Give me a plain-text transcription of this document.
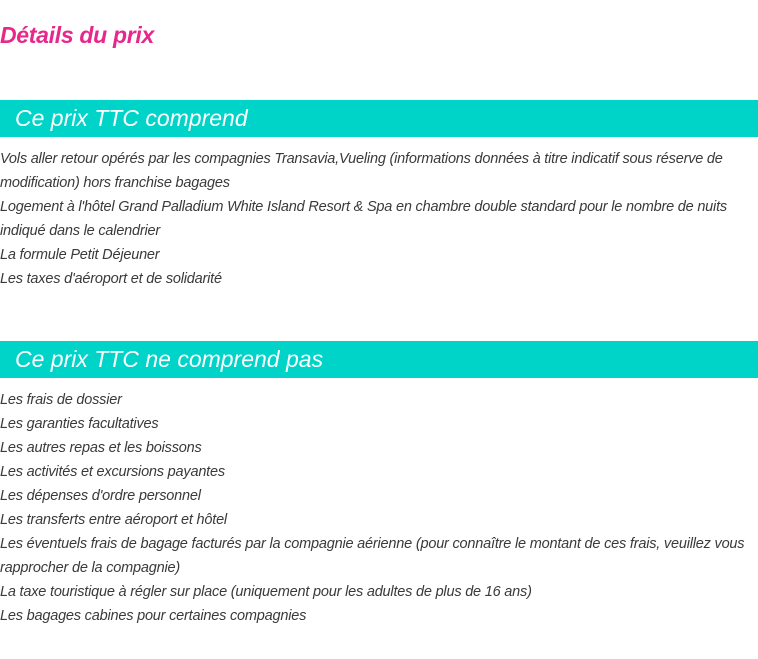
Détails du prix
Ce prix TTC comprend
Vols aller retour opérés par les compagnies Transavia,Vueling (informations données à titre indicatif sous réserve de modification) hors franchise bagages
Logement à l'hôtel Grand Palladium White Island Resort & Spa en chambre double standard pour le nombre de nuits indiqué dans le calendrier
La formule Petit Déjeuner
Les taxes d'aéroport et de solidarité
Ce prix TTC ne comprend pas
Les frais de dossier
Les garanties facultatives
Les autres repas et les boissons
Les activités et excursions payantes
Les dépenses d'ordre personnel
Les transferts entre aéroport et hôtel
Les éventuels frais de bagage facturés par la compagnie aérienne (pour connaître le montant de ces frais, veuillez vous rapprocher de la compagnie)
La taxe touristique à régler sur place (uniquement pour les adultes de plus de 16 ans)
Les bagages cabines pour certaines compagnies
